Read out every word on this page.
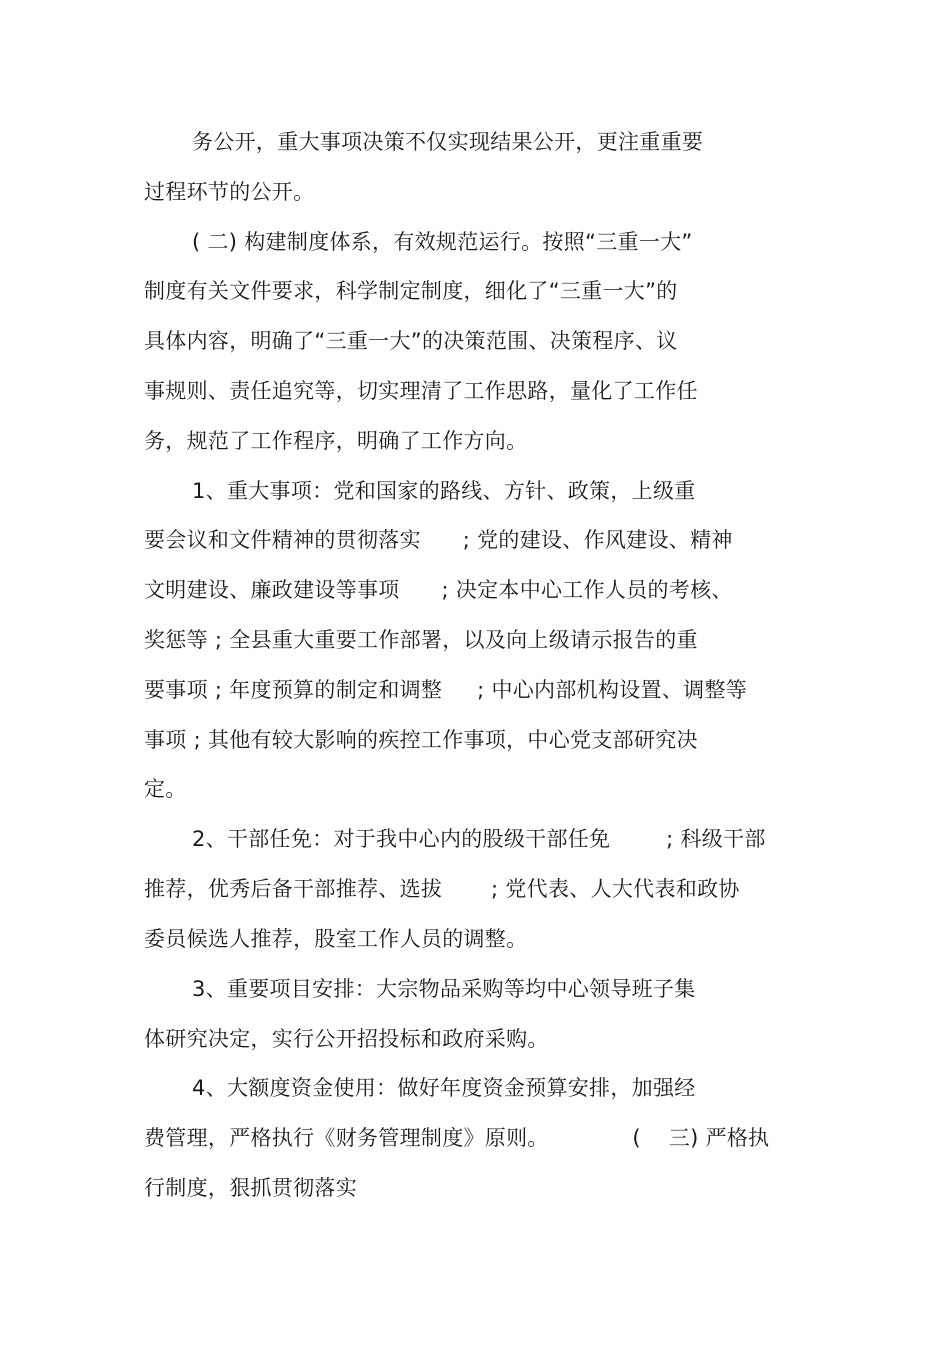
务公开，重大事项决策不仅实现结果公开，更注重重要
过程环节的公开。
( 二) 构建制度体系，有效规范运行。按照“三重一大”
制度有关文件要求，科学制定制度，细化了“三重一大”的
具体内容，明确了“三重一大”的决策范围、决策程序、议
事规则、责任追究等，切实理清了工作思路，量化了工作任
务，规范了工作程序，明确了工作方向。
1、重大事项：党和国家的路线、方针、政策，上级重
要会议和文件精神的贯彻落实      ; 党的建设、作风建设、精神
文明建设、廉政建设等事项      ; 决定本中心工作人员的考核、
奖惩等 ; 全县重大重要工作部署，以及向上级请示报告的重
要事项 ; 年度预算的制定和调整     ; 中心内部机构设置、调整等
事项 ; 其他有较大影响的疾控工作事项，中心党支部研究决
定。
2、干部任免：对于我中心内的股级干部任免        ; 科级干部
推荐，优秀后备干部推荐、选拔       ; 党代表、人大代表和政协
委员候选人推荐，股室工作人员的调整。
3、重要项目安排：大宗物品采购等均中心领导班子集
体研究决定，实行公开招投标和政府采购。
4、大额度资金使用：做好年度资金预算安排，加强经
费管理，严格执行《财务管理制度》原则。            (    三) 严格执
行制度，狠抓贯彻落实
